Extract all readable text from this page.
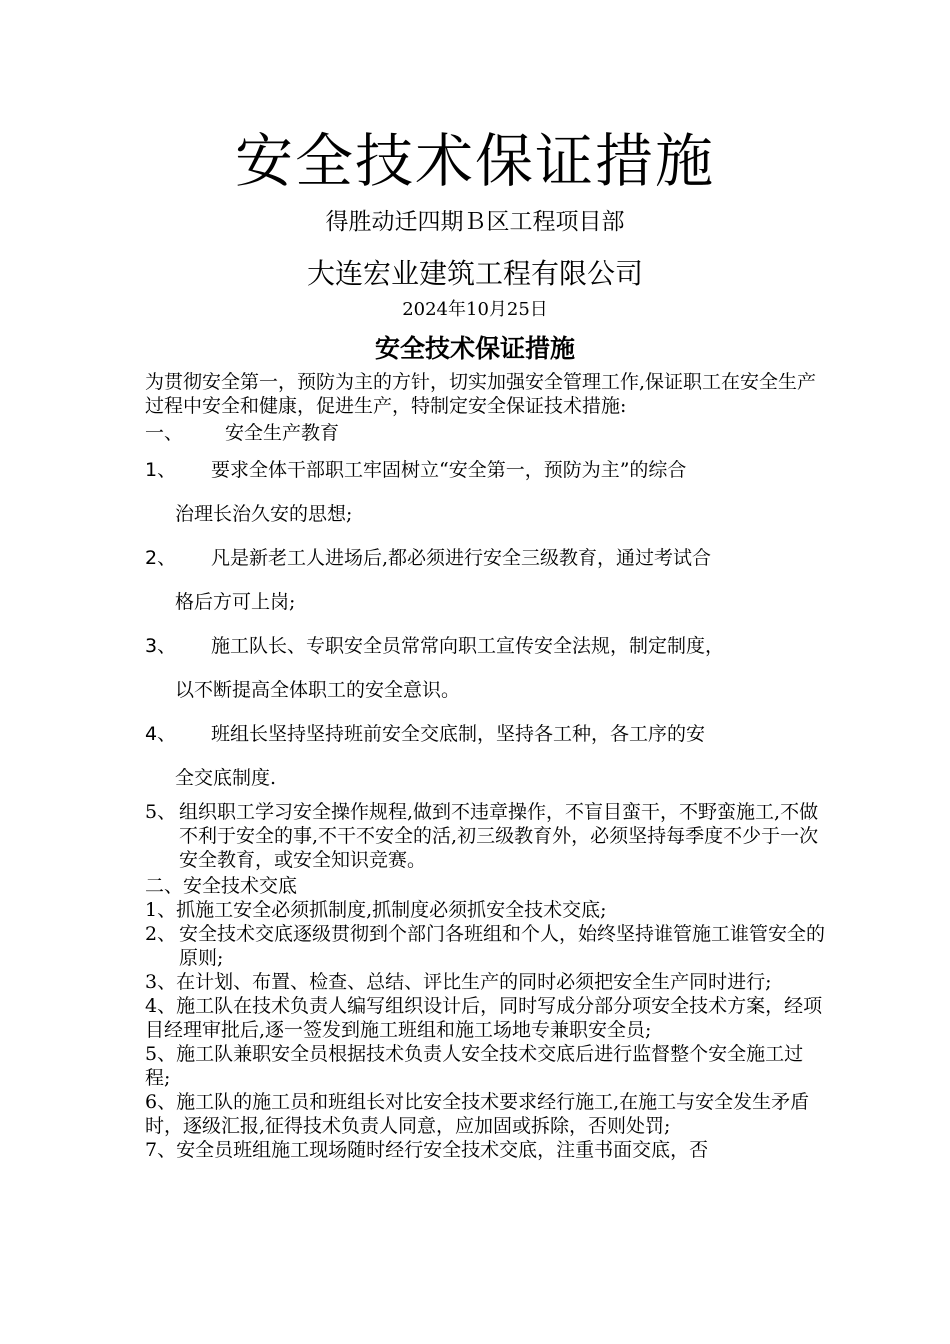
安全技术保证措施
得胜动迁四期Ｂ区工程项目部
大连宏业建筑工程有限公司
2024年10月25日
安全技术保证措施

为贯彻安全第一，预防为主的方针，切实加强安全管理工作,保证职工在安全生产过程中安全和健康，促进生产，特制定安全保证技术措施:

一、 安全生产教育

1、	要求全体干部职工牢固树立“安全第一，预防为主”的综合
治理长治久安的思想;
2、	凡是新老工人进场后,都必须进行安全三级教育，通过考试合
格后方可上岗;
3、	施工队长、专职安全员常常向职工宣传安全法规，制定制度，
以不断提高全体职工的安全意识。
4、	班组长坚持坚持班前安全交底制，坚持各工种，各工序的安
全交底制度.
5、 组织职工学习安全操作规程,做到不违章操作，不盲目蛮干，不野蛮施工,不做不利于安全的事,不干不安全的活,初三级教育外，必须坚持每季度不少于一次安全教育，或安全知识竞赛。

二、安全技术交底

1、抓施工安全必须抓制度,抓制度必须抓安全技术交底;

2、 安全技术交底逐级贯彻到个部门各班组和个人，始终坚持谁管施工谁管安全的原则;

3、在计划、布置、检查、总结、评比生产的同时必须把安全生产同时进行;

4、施工队在技术负责人编写组织设计后，同时写成分部分项安全技术方案，经项目经理审批后,逐一签发到施工班组和施工场地专兼职安全员;

5、施工队兼职安全员根据技术负责人安全技术交底后进行监督整个安全施工过程;

6、施工队的施工员和班组长对比安全技术要求经行施工,在施工与安全发生矛盾时，逐级汇报,征得技术负责人同意，应加固或拆除，否则处罚;

7、安全员班组施工现场随时经行安全技术交底，注重书面交底，否
